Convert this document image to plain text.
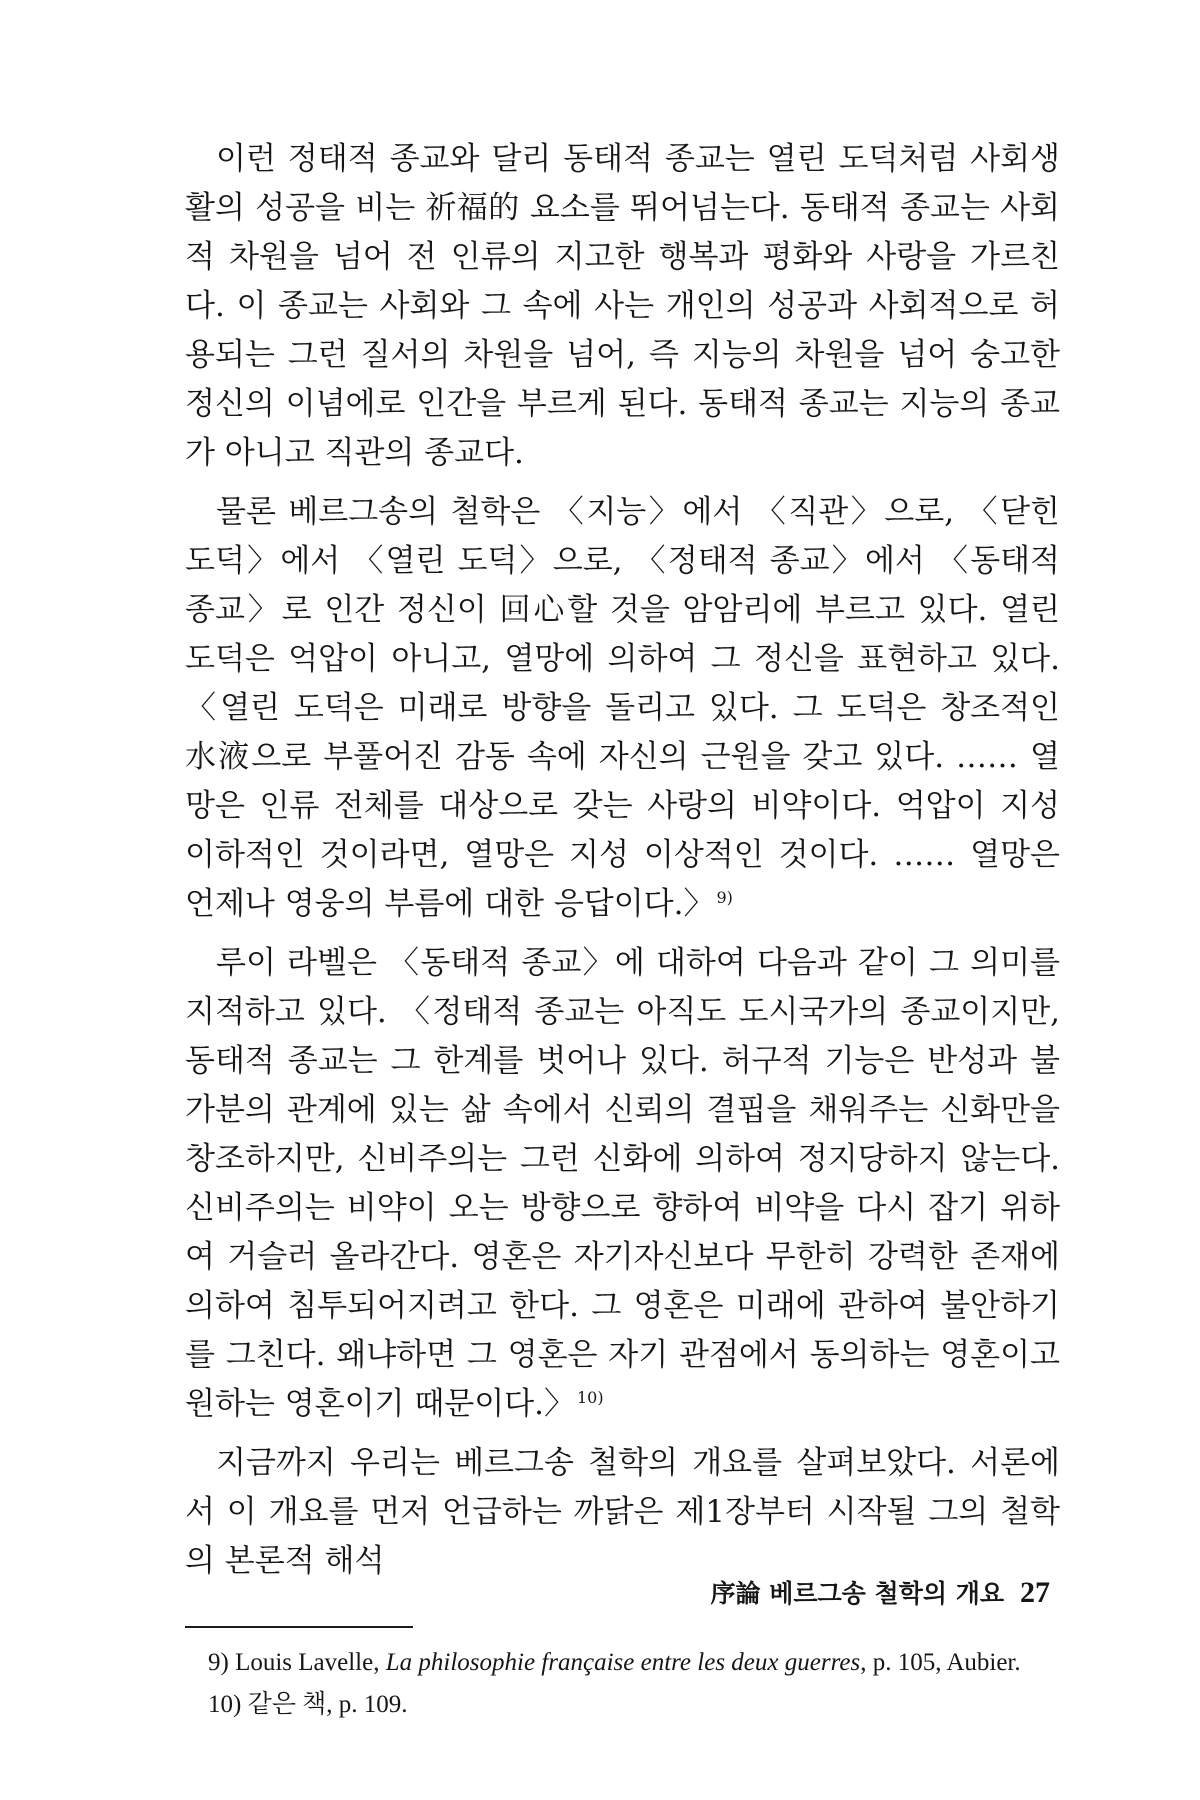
이런 정태적 종교와 달리 동태적 종교는 열린 도덕처럼 사회생활의 성공을 비는 祈福的 요소를 뛰어넘는다. 동태적 종교는 사회적 차원을 넘어 전 인류의 지고한 행복과 평화와 사랑을 가르친다. 이 종교는 사회와 그 속에 사는 개인의 성공과 사회적으로 허용되는 그런 질서의 차원을 넘어, 즉 지능의 차원을 넘어 숭고한 정신의 이념에로 인간을 부르게 된다. 동태적 종교는 지능의 종교가 아니고 직관의 종교다.

물론 베르그송의 철학은 〈지능〉에서 〈직관〉으로, 〈닫힌 도덕〉에서 〈열린 도덕〉으로, 〈정태적 종교〉에서 〈동태적 종교〉로 인간 정신이 回心할 것을 암암리에 부르고 있다. 열린 도덕은 억압이 아니고, 열망에 의하여 그 정신을 표현하고 있다. 〈열린 도덕은 미래로 방향을 돌리고 있다. 그 도덕은 창조적인 水液으로 부풀어진 감동 속에 자신의 근원을 갖고 있다. …… 열망은 인류 전체를 대상으로 갖는 사랑의 비약이다. 억압이 지성 이하적인 것이라면, 열망은 지성 이상적인 것이다. …… 열망은 언제나 영웅의 부름에 대한 응답이다.〉 $^{9)}$

루이 라벨은 〈동태적 종교〉에 대하여 다음과 같이 그 의미를 지적하고 있다. 〈정태적 종교는 아직도 도시국가의 종교이지만, 동태적 종교는 그 한계를 벗어나 있다. 허구적 기능은 반성과 불가분의 관계에 있는 삶 속에서 신뢰의 결핍을 채워주는 신화만을 창조하지만, 신비주의는 그런 신화에 의하여 정지당하지 않는다. 신비주의는 비약이 오는 방향으로 향하여 비약을 다시 잡기 위하여 거슬러 올라간다. 영혼은 자기자신보다 무한히 강력한 존재에 의하여 침투되어지려고 한다. 그 영혼은 미래에 관하여 불안하기를 그친다. 왜냐하면 그 영혼은 자기 관점에서 동의하는 영혼이고 원하는 영혼이기 때문이다.〉 $^{10)}$

지금까지 우리는 베르그송 철학의 개요를 살펴보았다. 서론에서 이 개요를 먼저 언급하는 까닭은 제1장부터 시작될 그의 철학의 본론적 해석

9) Louis Lavelle, La philosophie française entre les deux guerres, p. 105, Aubier.

10) 같은 책, p. 109.

序論 베르그송 철학의 개요 27
